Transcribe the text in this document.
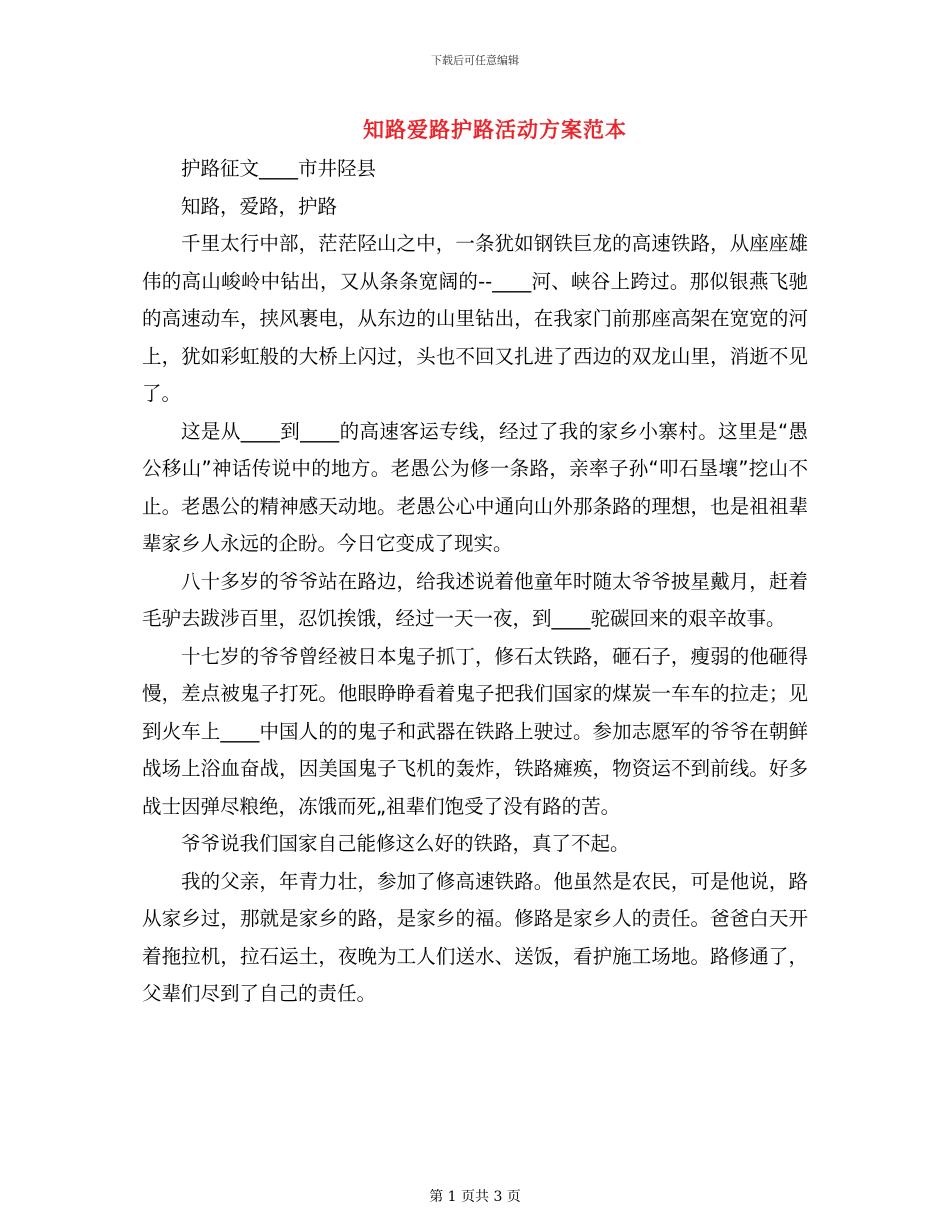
下载后可任意编辑
知路爱路护路活动方案范本

护路征文____市井陉县

知路，爱路，护路

千里太行中部，茫茫陉山之中，一条犹如钢铁巨龙的高速铁路，从座座雄伟的高山峻岭中钻出，又从条条宽阔的--____河、峡谷上跨过。那似银燕飞驰的高速动车，挟风裹电，从东边的山里钻出，在我家门前那座高架在宽宽的河上，犹如彩虹般的大桥上闪过，头也不回又扎进了西边的双龙山里，消逝不见了。

这是从____到____的高速客运专线，经过了我的家乡小寨村。这里是“愚公移山”神话传说中的地方。老愚公为修一条路，亲率子孙“叩石垦壤”挖山不止。老愚公的精神感天动地。老愚公心中通向山外那条路的理想，也是祖祖辈辈家乡人永远的企盼。今日它变成了现实。

八十多岁的爷爷站在路边，给我述说着他童年时随太爷爷披星戴月，赶着毛驴去跋涉百里，忍饥挨饿，经过一天一夜，到____驼碳回来的艰辛故事。

十七岁的爷爷曾经被日本鬼子抓丁，修石太铁路，砸石子，瘦弱的他砸得慢，差点被鬼子打死。他眼睁睁看着鬼子把我们国家的煤炭一车车的拉走；见到火车上____中国人的的鬼子和武器在铁路上驶过。参加志愿军的爷爷在朝鲜战场上浴血奋战，因美国鬼子飞机的轰炸，铁路瘫痪，物资运不到前线。好多战士因弹尽粮绝，冻饿而死„祖辈们饱受了没有路的苦。

爷爷说我们国家自己能修这么好的铁路，真了不起。

我的父亲，年青力壮，参加了修高速铁路。他虽然是农民，可是他说，路从家乡过，那就是家乡的路，是家乡的福。修路是家乡人的责任。爸爸白天开着拖拉机，拉石运土，夜晚为工人们送水、送饭，看护施工场地。路修通了，父辈们尽到了自己的责任。

第 1 页共 3 页
